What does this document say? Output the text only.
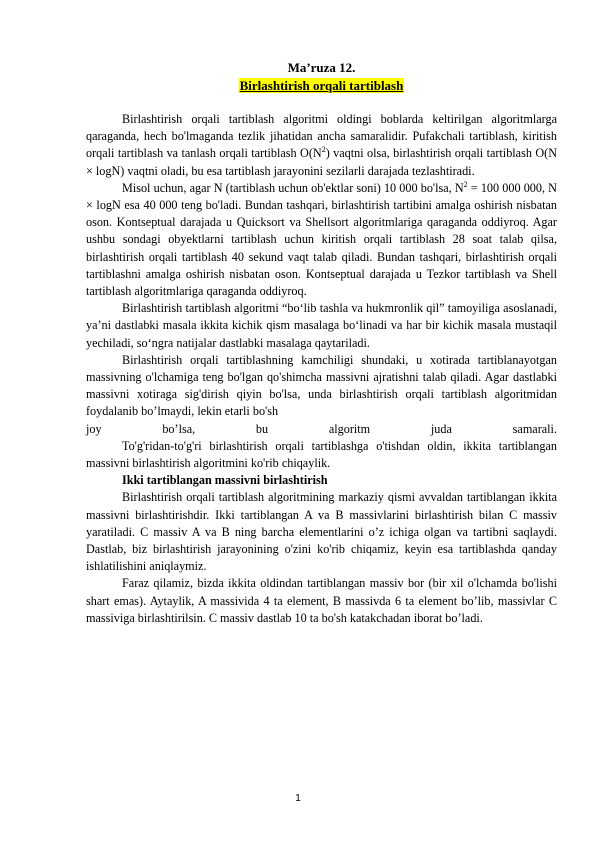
Ma’ruza 12.

Birlashtirish orqali tartiblash

Birlashtirish orqali tartiblash algoritmi oldingi boblarda keltirilgan algoritmlarga qaraganda, hech bo'lmaganda tezlik jihatidan ancha samaralidir. Pufakchali tartiblash, kiritish orqali tartiblash va tanlash orqali tartiblash $O(N^2)$ vaqtni olsa, birlashtirish orqali tartiblash O(N × logN) vaqtni oladi, bu esa tartiblash jarayonini sezilarli darajada tezlashtiradi.

Misol uchun, agar N (tartiblash uchun ob'ektlar soni) 10 000 bo'lsa, $N^2 = 100$ 000 000, N × logN esa 40 000 teng bo'ladi. Bundan tashqari, birlashtirish tartibini amalga oshirish nisbatan oson. Kontseptual darajada u Quicksort va Shellsort algoritmlariga qaraganda oddiyroq. Agar ushbu sondagi obyektlarni tartiblash uchun kiritish orqali tartiblash 28 soat talab qilsa, birlashtirish orqali tartiblash 40 sekund vaqt talab qiladi. Bundan tashqari, birlashtirish orqali tartiblashni amalga oshirish nisbatan oson. Kontseptual darajada u Tezkor tartiblash va Shell tartiblash algoritmlariga qaraganda oddiyroq.

Birlashtirish tartiblash algoritmi “bo‘lib tashla va hukmronlik qil” tamoyiliga asoslanadi, ya’ni dastlabki masala ikkita kichik qism masalaga bo‘linadi va har bir kichik masala mustaqil yechiladi, so‘ngra natijalar dastlabki masalaga qaytariladi.

Birlashtirish orqali tartiblashning kamchiligi shundaki, u xotirada tartiblanayotgan massivning o'lchamiga teng bo'lgan qo'shimcha massivni ajratishni talab qiladi. Agar dastlabki massivni xotiraga sig'dirish qiyin bo'lsa, unda birlashtirish orqali tartiblash algoritmidan foydalanib bo’lmaydi, lekin etarli bo'sh

joy bo’lsa, bu algoritm juda samarali.

To'g'ridan-to'g'ri birlashtirish orqali tartiblashga o'tishdan oldin, ikkita tartiblangan massivni birlashtirish algoritmini ko'rib chiqaylik.

Ikki tartiblangan massivni birlashtirish

Birlashtirish orqali tartiblash algoritmining markaziy qismi avvaldan tartiblangan ikkita massivni birlashtirishdir. Ikki tartiblangan A va B massivlarini birlashtirish bilan C massiv yaratiladi. C massiv A va B ning barcha elementlarini o’z ichiga olgan va tartibni saqlaydi. Dastlab, biz birlashtirish jarayonining o'zini ko'rib chiqamiz, keyin esa tartiblashda qanday ishlatilishini aniqlaymiz.

Faraz qilamiz, bizda ikkita oldindan tartiblangan massiv bor (bir xil o'lchamda bo'lishi shart emas). Aytaylik, A massivida 4 ta element, B massivda 6 ta element bo’lib, massivlar C massiviga birlashtirilsin. C massiv dastlab 10 ta bo'sh katakchadan iborat bo’ladi.

1
